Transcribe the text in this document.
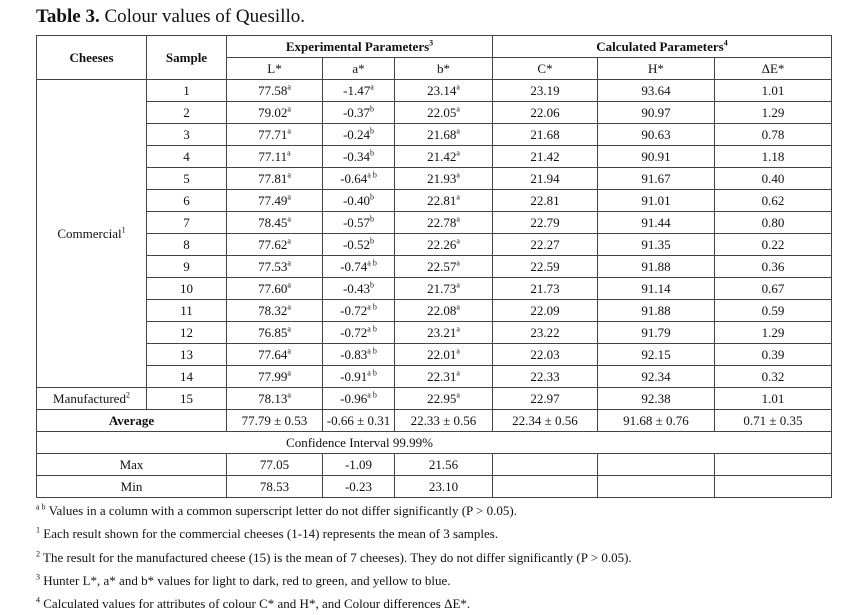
Table 3. Colour values of Quesillo.
Cheeses	Sample	Experimental Parameters$^3$			Calculated Parameters$^4$
		L*	a*	b*	C*	H*	ΔE*
Commercial$^1$	1	77.58$^a$	-1.47$^a$	23.14$^a$	23.19	93.64	1.01
	2	79.02$^a$	-0.37$^b$	22.05$^a$	22.06	90.97	1.29
	3	77.71$^a$	-0.24$^b$	21.68$^a$	21.68	90.63	0.78
	4	77.11$^a$	-0.34$^b$	21.42$^a$	21.42	90.91	1.18
	5	77.81$^a$	$-0.64^{a b}$	21.93$^a$	21.94	91.67	0.40
	6	77.49$^a$	-0.40$^b$	22.81$^a$	22.81	91.01	0.62
	7	78.45$^a$	-0.57$^b$	22.78$^a$	22.79	91.44	0.80
	8	77.62$^a$	-0.52$^b$	22.26$^a$	22.27	91.35	0.22
	9	77.53$^a$	$-0.74^{a b}$	22.57$^a$	22.59	91.88	0.36
	10	77.60$^a$	-0.43$^b$	21.73$^a$	21.73	91.14	0.67
	11	78.32$^a$	$-0.72^{a b}$	22.08$^a$	22.09	91.88	0.59
	12	76.85$^a$	$-0.72^{a b}$	23.21$^a$	23.22	91.79	1.29
	13	77.64$^a$	$-0.83^{a b}$	22.01$^a$	22.03	92.15	0.39
	14	77.99$^a$	$-0.91^{a b}$	22.31$^a$	22.33	92.34	0.32
Manufactured$^2$	15	78.13$^a$	$-0.96^{a b}$	22.95$^a$	22.97	92.38	1.01
Average		77.79 ± 0.53	-0.66 ± 0.31	22.33 ± 0.56	22.34 ± 0.56	91.68 ± 0.76	0.71 ± 0.35
		Confidence Interval 99.99%					
Max		77.05	-1.09	21.56			
Min		78.53	-0.23	23.10			
$^{a b}$ Values in a column with a common superscript letter do not differ significantly (P > 0.05).
$^1$ Each result shown for the commercial cheeses (1-14) represents the mean of 3 samples.
$^2$ The result for the manufactured cheese (15) is the mean of 7 cheeses). They do not differ significantly (P > 0.05).
$^3$ Hunter L*, a* and b* values for light to dark, red to green, and yellow to blue.
$^4$ Calculated values for attributes of colour C* and H*, and Colour differences ΔE*.
